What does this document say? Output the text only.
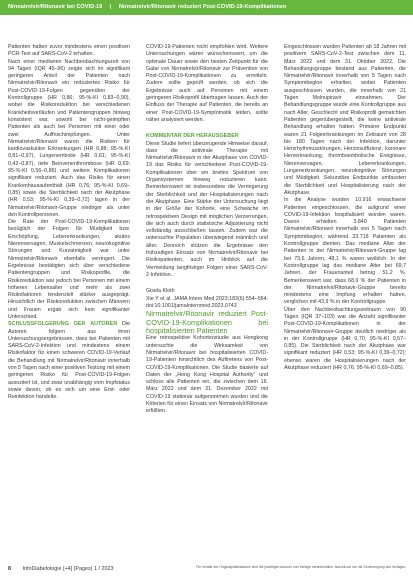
Nirmatrelvir/Ritonavir bei COVID-19 | Nirmatrelvir/Ritonavir reduziert Post-COVID-19-Komplikationen

Patienten hatten zuvor mindestens einen positiven PCR-Test auf SARS-CoV-2 erhalten.

Nach einer medianen Nachbeobachtungszeit von 94 Tagen (IQR 45–96) zeigte sich im signifikant geringeren Anteil der Patienten nach Nirmatrelvir/Ritonavir ein reduziertes Risiko für Post-COVID-19-Folgen gegenüber der Kontrollgruppe (HR 0,86; 95-%-KI 0,83–0,90), wobei die Risikoreduktion bei verschiedenen Krankheitsverläufen und Patientengruppen hinweg konsistent war, sowohl bei nicht-geimpften Patienten als auch bei Personen mit einer oder zwei Auffrischimpfungen. Unter Nirmatrelvir/Ritonavir waren die Risiken für kardiovaskuläre Erkrankungen (HR 0,88; 95-%-KI 0,81–0,97), Lungenembolie (HR 0,61; 95-%-KI 0,42–0,87), tiefe Beinvenenthrombose (HR 0,69; 95-%-KI 0,56–0,86) und weitere Komplikationen signifikant reduziert. Auch das Risiko für einen Krankenhausaufenthalt (HR 0,76; 95-%-KI 0,69–0,85) sowie die Sterblichkeit nach der Akutphase (HR 0,53; 95-%-KI 0,39–0,72) lagen in der Nirmatrelvir/Ritonavir-Gruppe niedriger als unter den Kontrollpersonen.

Die Rate der Post-COVID-19-Komplikationen bezüglich der Folgen für Müdigkeit bzw. Erschöpfung, Lebererkrankungen, akutes Nierenversagen, Muskelschmerzen, neurokognitive Störungen und Kurzatmigkeit war unter Nirmatrelvir/Ritonavir ebenfalls verringert. Die Ergebnisse bestätigten sich über verschiedene Patientengruppen und Risikoprofile, die Risikoreduktion war jedoch bei Personen mit einem höheren Lebensalter und mehr als zwei Risikofaktoren tendenziell stärker ausgeprägt. Hinsichtlich der Risikoreduktion zwischen Männern und Frauen ergab sich kein signifikanter Unterschied.

SCHLUSSFOLGERUNG DER AUTOREN Die Autoren folgern aus ihren Untersuchungsergebnissen, dass bei Patienten mit SARS-CoV-2-Infektion und mindestens einem Risikofaktor für einen schweren COVID-19-Verlauf die Behandlung mit Nirmatrelvir/Ritonavir innerhalb von 5 Tagen nach einer positiven Testung mit einem geringeren Risiko für Post-COVID-19-Folgen assoziiert ist, und zwar unabhängig vom Impfstatus sowie davon, ob es sich um eine Erst- oder Reinfektion handelte.

COVID-19-Patienten nicht empfohlen wird. Weitere Untersuchungen wären wünschenswert, um die optimale Dauer sowie den besten Zeitpunkt für die Gabe von Nirmatrelvir/Ritonavir zur Prävention von Post-COVID-19-Komplikationen zu ermitteln. Zudem sollte geprüft werden, ob sich die Ergebnisse auch auf Personen mit einem geringeren Risikoprofil übertragen lassen. Auch der Einfluss der Therapie auf Patienten, die bereits an einer Post-COVID-19-Symptomatik leiden, sollte näher analysiert werden.

KOMMENTAR DER HERAUSGEBER

Diese Studie liefert überzeugende Hinweise darauf, dass die antivirale Therapie mit Nirmatrelvir/Ritonavir in der Akutphase von COVID-19 das Risiko für verschiedene Post-COVID-19-Komplikationen über ein breites Spektrum von Organsystemen hinweg reduzieren kann. Bemerkenswert ist insbesondere die Verringerung der Sterblichkeit und der Hospitalisierungen nach der Akutphase. Eine Stärke der Untersuchung liegt in der Größe der Kohorte, eine Schwäche im retrospektiven Design mit möglichen Verzerrungen, die sich auch durch statistische Adjustierung nicht vollständig ausschließen lassen. Zudem war die untersuchte Population überwiegend männlich und älter. Dennoch stützen die Ergebnisse den frühzeitigen Einsatz von Nirmatrelvir/Ritonavir bei Risikopatienten, auch im Hinblick auf die Vermeidung langfristiger Folgen einer SARS-CoV-2-Infektion.

Gisela Kloth

Xie Y et al. JAMA Intern Med 2023;183(6):554–564. doi:10.1001/jamainternmed.2023.0743

Nirmatrelvir/Ritonavir reduziert Post-COVID-19-Komplikationen bei hospitalisierten Patienten

Eine retrospektive Kohortenstudie aus Hongkong untersuchte die Wirksamkeit von Nirmatrelvir/Ritonavir bei hospitalisierten COVID-19-Patienten hinsichtlich des Auftretens von Post-COVID-19-Komplikationen. Die Studie basierte auf Daten der „Hong Kong Hospital Authority“ und schloss alle Patienten ein, die zwischen dem 16. März 2022 und dem 31. Dezember 2022 mit COVID-19 stationär aufgenommen wurden und die Kriterien für einen Einsatz von Nirmatrelvir/Ritonavir erfüllten.

Eingeschlossen wurden Patienten ab 18 Jahren mit positivem SARS-CoV-2-Test zwischen dem 11. März 2022 und dem 31. Oktober 2022. Die Behandlungsgruppe bestand aus Patienten, die Nirmatrelvir/Ritonavir innerhalb von 5 Tagen nach Symptombeginn erhielten, wobei Patienten ausgeschlossen wurden, die innerhalb von 21 Tagen Molnupiravir einnahmen. Der Behandlungsgruppe wurde eine Kontrollgruppe aus nach Alter, Geschlecht und Risikoprofil gematchten Patienten gegenübergestellt, die keine antivirale Behandlung erhalten hatten. Primärer Endpunkt waren 21 Folgeerkrankungen im Zeitraum von 28 bis 180 Tagen nach der Infektion, darunter Herzrhythmusstörungen, Herzinsuffizienz, koronare Herzerkrankung, thromboembolische Ereignisse, Nierenversagen, Lebererkrankungen, Lungenerkrankungen, neurokognitive Störungen und Müdigkeit. Sekundäre Endpunkte umfassten die Sterblichkeit und Hospitalisierung nach der Akutphase.

In die Analyse wurden 10.916 erwachsene Patienten eingeschlossen, die aufgrund einer COVID-19-Infektion hospitalisiert worden waren. Davon erhielten 3.840 Patienten Nirmatrelvir/Ritonavir innerhalb von 5 Tagen nach Symptombeginn, während 23.718 Patienten als Kontrollgruppe dienten. Das mediane Alter der Patienten in der Nirmatrelvir/Ritonavir-Gruppe lag bei 73,6 Jahren, 48,1 % waren weiblich. In der Kontrollgruppe lag das mediane Alter bei 69,7 Jahren, der Frauenanteil betrug 51,2 %. Bemerkenswert war, dass 68,9 % der Patienten in der Nirmatrelvir/Ritonavir-Gruppe bereits mindestens eine Impfung erhalten hatten, verglichen mit 43,9 % in der Kontrollgruppe.

Über den Nachbeobachtungszeitraum von 90 Tagen (IQR 37–103) war die Anzahl signifikanter Post-COVID-19-Komplikationen in der Nirmatrelvir/Ritonavir-Gruppe deutlich niedriger als in der Kontrollgruppe (HR 0,70; 95-%-KI 0,57–0,85). Die Sterblichkeit nach der Akutphase war signifikant reduziert (HR 0,53; 95-%-KI 0,39–0,72); ebenso waren die Hospitalisierungen nach der Akutphase reduziert (HR 0,76; 95-%-KI 0,69–0,85).

8 InfoDiabetologie [+4] (Pages) 1 / 2023	Für Inhalte der Originalpublikationen sind die jeweiligen Autoren und Verlage verantwortlich. Nachdruck nur mit Genehmigung des Verlages.
